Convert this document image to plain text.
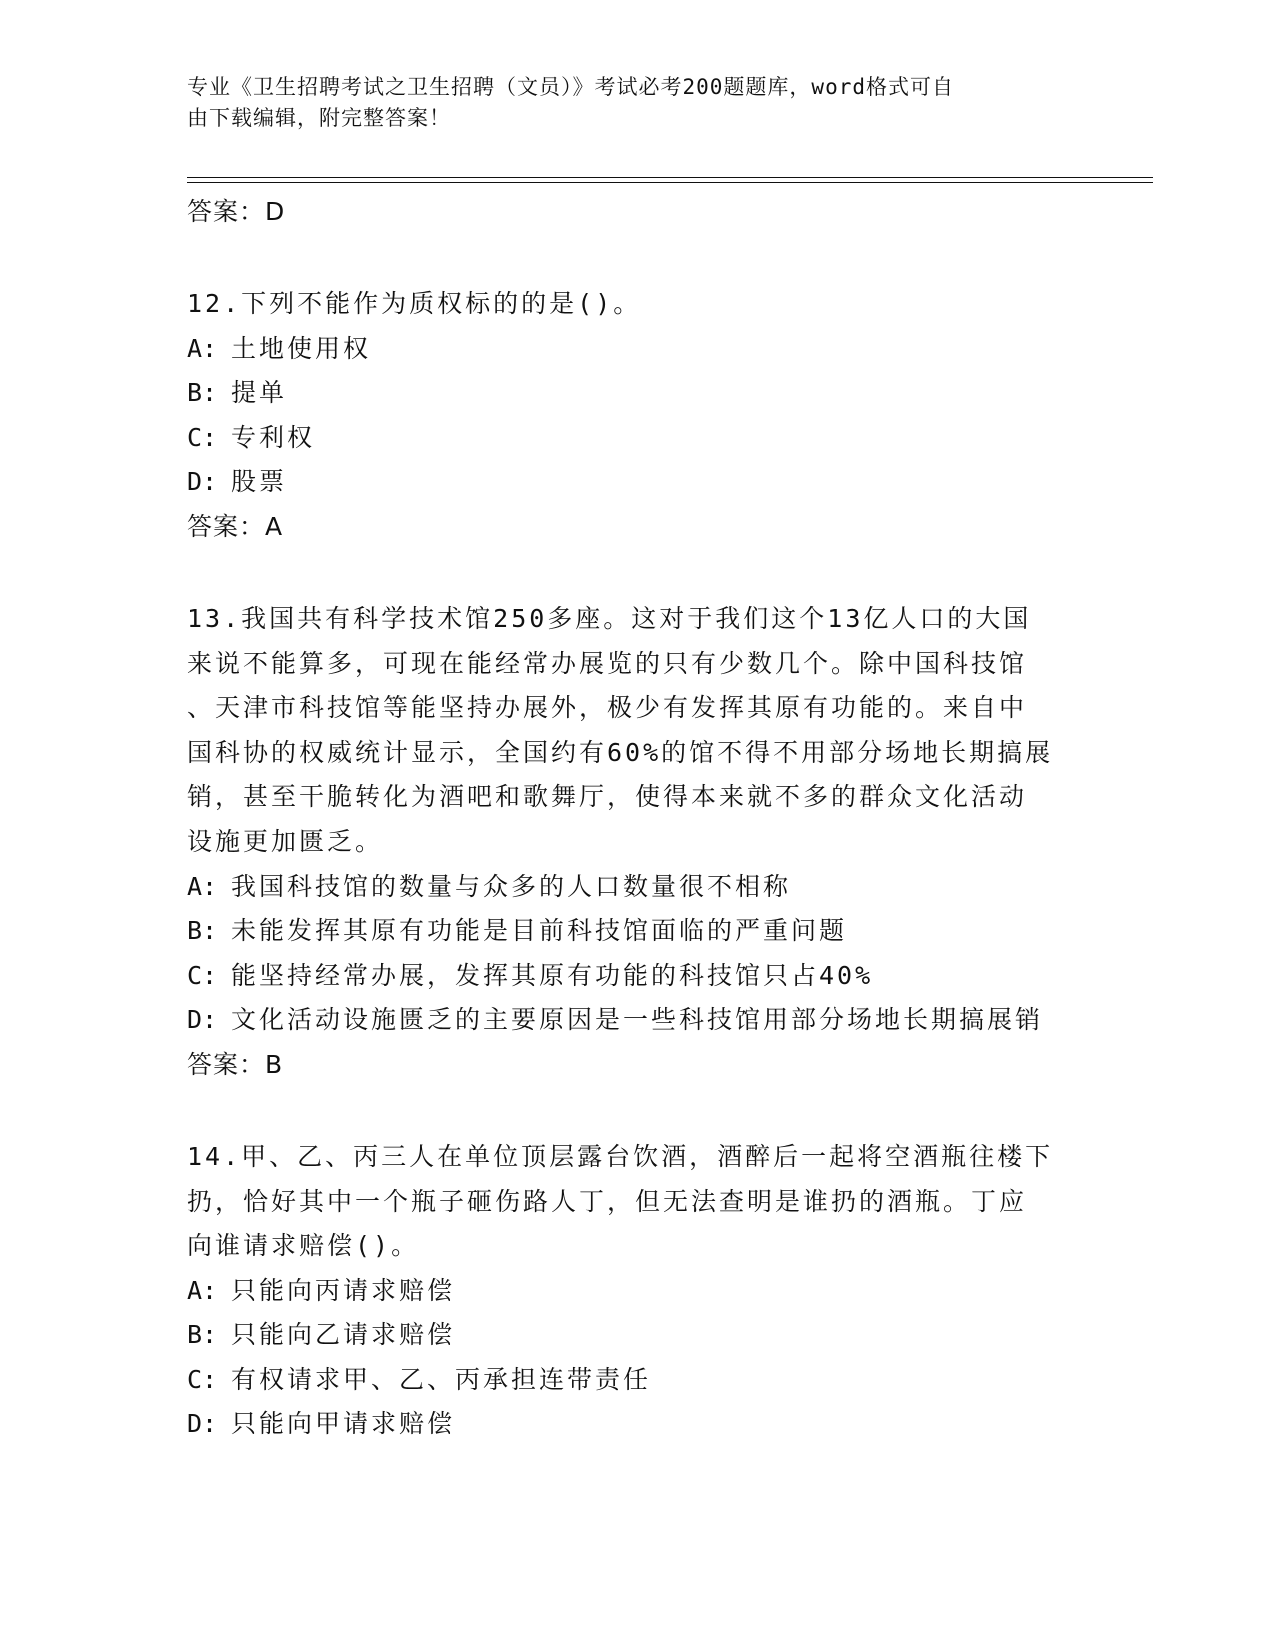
专业《卫生招聘考试之卫生招聘（文员）》考试必考200题题库，word格式可自
由下载编辑，附完整答案！
答案：D
12.下列不能作为质权标的的是()。
A: 土地使用权
B: 提单
C: 专利权
D: 股票
答案：A
13.我国共有科学技术馆250多座。这对于我们这个13亿人口的大国
来说不能算多，可现在能经常办展览的只有少数几个。除中国科技馆
、天津市科技馆等能坚持办展外，极少有发挥其原有功能的。来自中
国科协的权威统计显示，全国约有60%的馆不得不用部分场地长期搞展
销，甚至干脆转化为酒吧和歌舞厅，使得本来就不多的群众文化活动
设施更加匮乏。
A: 我国科技馆的数量与众多的人口数量很不相称
B: 未能发挥其原有功能是目前科技馆面临的严重问题
C: 能坚持经常办展，发挥其原有功能的科技馆只占40%
D: 文化活动设施匮乏的主要原因是一些科技馆用部分场地长期搞展销
答案：B
14.甲、乙、丙三人在单位顶层露台饮酒，酒醉后一起将空酒瓶往楼下
扔，恰好其中一个瓶子砸伤路人丁，但无法查明是谁扔的酒瓶。丁应
向谁请求赔偿()。
A: 只能向丙请求赔偿
B: 只能向乙请求赔偿
C: 有权请求甲、乙、丙承担连带责任
D: 只能向甲请求赔偿
